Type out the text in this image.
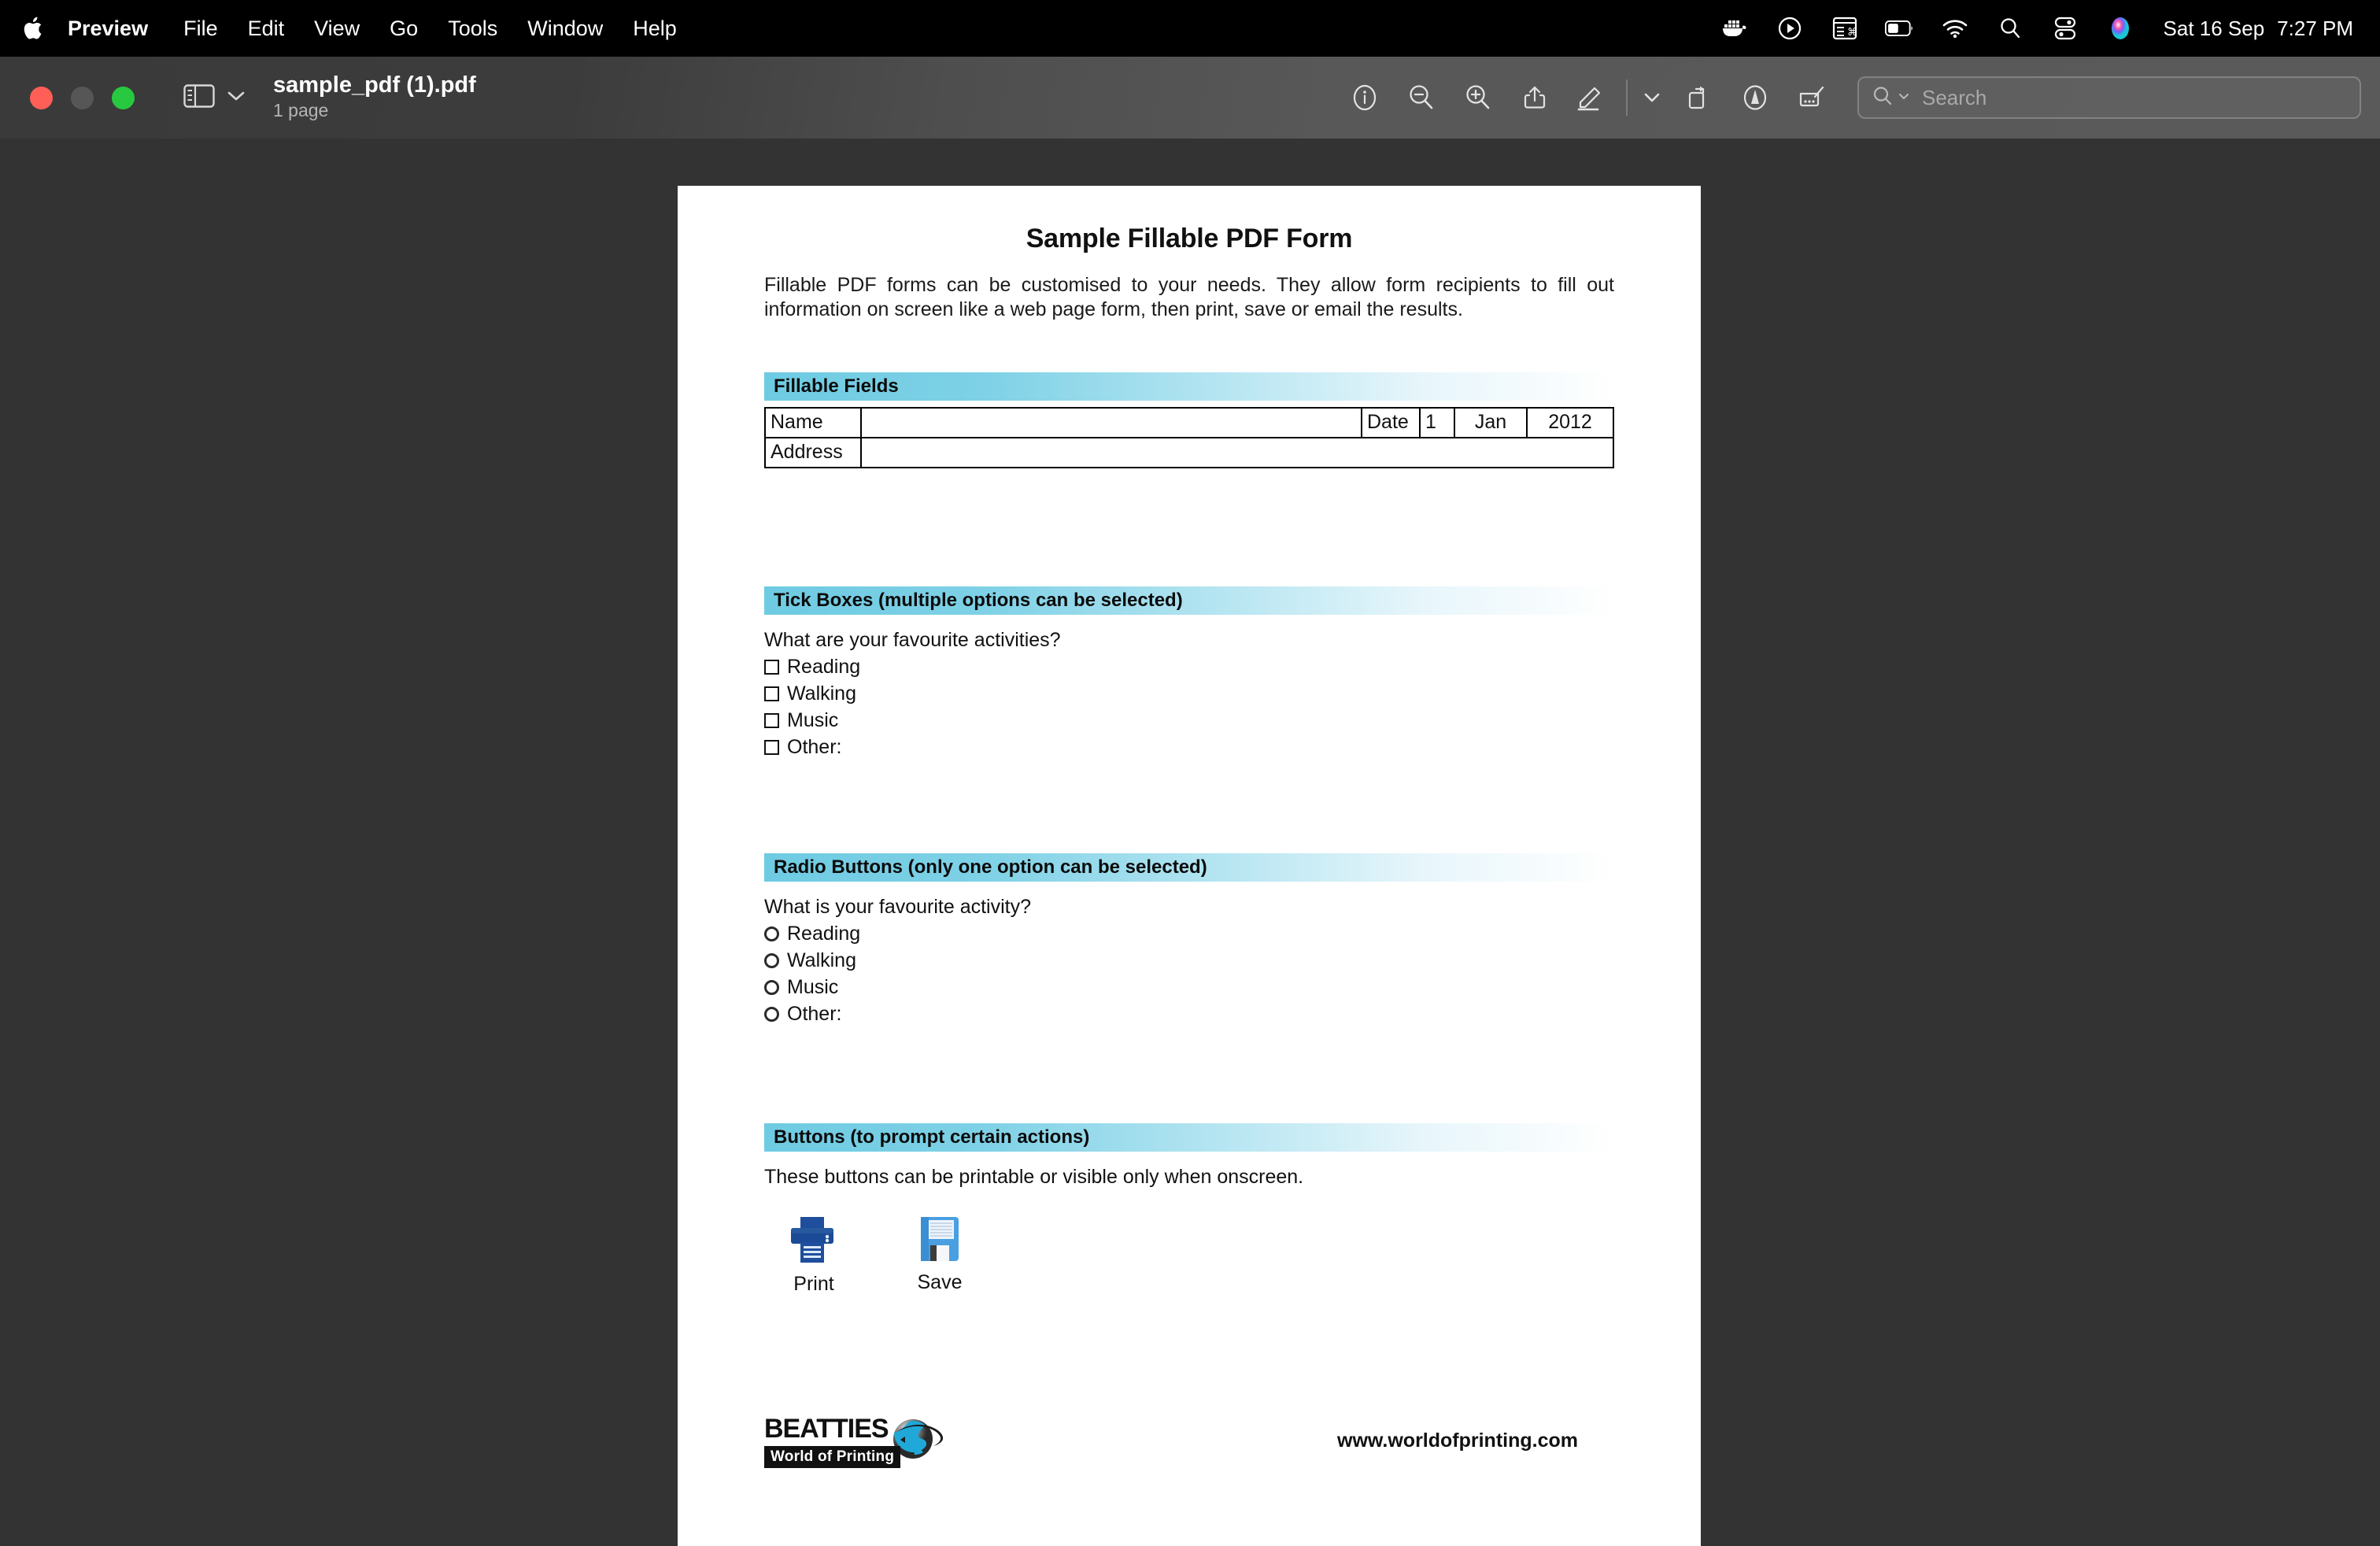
Preview	File	Edit	View	Go	Tools	Window	Help	⌘	Sat 16 Sep 7:27 PM
sample_pdf (1).pdf
1 page
Search
Sample Fillable PDF Form
Fillable PDF forms can be customised to your needs. They allow form recipients to fill out information on screen like a web page form, then print, save or email the results.
Fillable Fields
Name		Date	1	Jan	2012
Address					
Tick Boxes (multiple options can be selected)
What are your favourite activities?
Reading
Walking
Music
Other:
Radio Buttons (only one option can be selected)
What is your favourite activity?
Reading
Walking
Music
Other:
Buttons (to prompt certain actions)
These buttons can be printable or visible only when onscreen.
Print	Save
BEATTIES
World of Printing
www.worldofprinting.com
